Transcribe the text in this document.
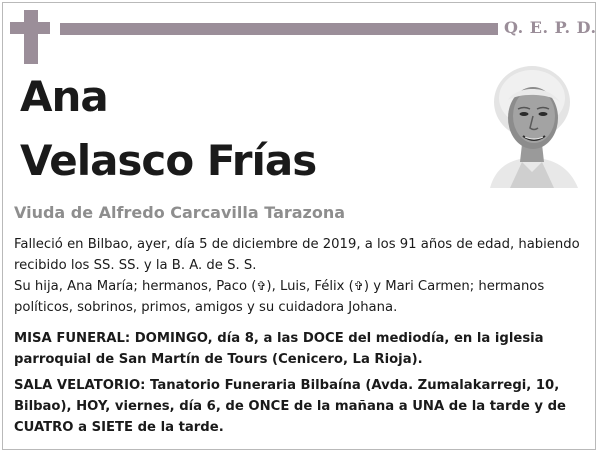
Q. E. P. D.
Ana
Velasco Frías
Viuda de Alfredo Carcavilla Tarazona

Falleció en Bilbao, ayer, día 5 de diciembre de 2019, a los 91 años de edad, habiendo recibido los SS. SS. y la B. A. de S. S.

Su hija, Ana María; hermanos, Paco (✞), Luis, Félix (✞) y Mari Carmen; hermanos políticos, sobrinos, primos, amigos y su cuidadora Johana.

MISA FUNERAL: DOMINGO, día 8, a las DOCE del mediodía, en la iglesia parroquial de San Martín de Tours (Cenicero, La Rioja).

SALA VELATORIO: Tanatorio Funeraria Bilbaína (Avda. Zumalakarregi, 10, Bilbao), HOY, viernes, día 6, de ONCE de la mañana a UNA de la tarde y de CUATRO a SIETE de la tarde.
